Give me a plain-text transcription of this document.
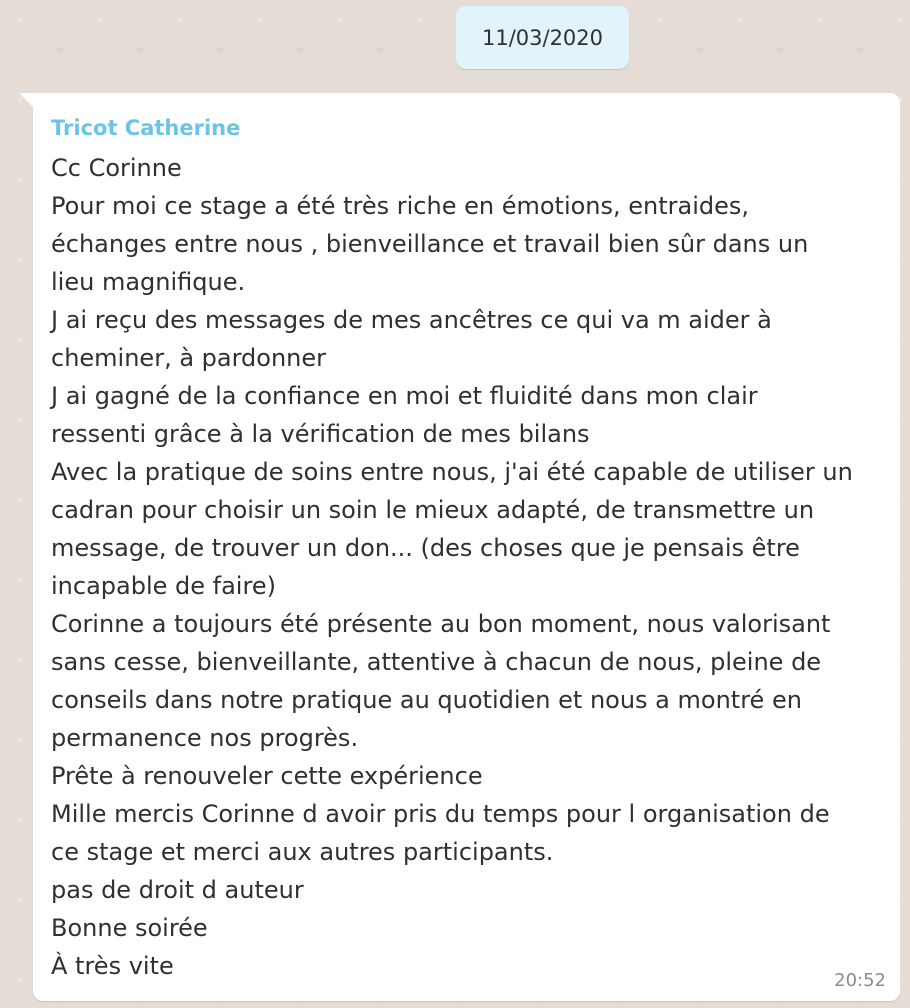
11/03/2020
Tricot Catherine
Cc Corinne
Pour moi ce stage a été très riche en émotions, entraides,
échanges entre nous , bienveillance et travail bien sûr dans un
lieu magnifique.
J ai reçu des messages de mes ancêtres ce qui va m aider à
cheminer, à pardonner
J ai gagné de la confiance en moi et fluidité dans mon clair
ressenti grâce à la vérification de mes bilans
Avec la pratique de soins entre nous, j'ai été capable de utiliser un
cadran pour choisir un soin le mieux adapté, de transmettre un
message, de trouver un don... (des choses que je pensais être
incapable de faire)
Corinne a toujours été présente au bon moment, nous valorisant
sans cesse, bienveillante, attentive à chacun de nous, pleine de
conseils dans notre pratique au quotidien et nous a montré en
permanence nos progrès.
Prête à renouveler cette expérience
Mille mercis Corinne d avoir pris du temps pour l organisation de
ce stage et merci aux autres participants.
pas de droit d auteur
Bonne soirée
À très vite
20:52
